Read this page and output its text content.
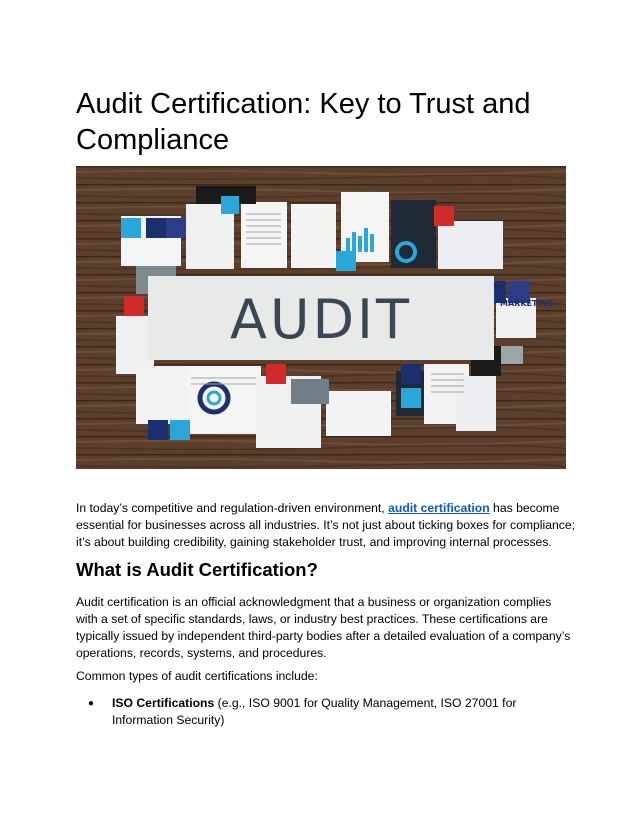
Audit Certification: Key to Trust and Compliance
AUDIT	MARKETING

In today’s competitive and regulation-driven environment, audit certification has become essential for businesses across all industries. It’s not just about ticking boxes for compliance; it’s about building credibility, gaining stakeholder trust, and improving internal processes.

What is Audit Certification?

Audit certification is an official acknowledgment that a business or organization complies with a set of specific standards, laws, or industry best practices. These certifications are typically issued by independent third-party bodies after a detailed evaluation of a company’s operations, records, systems, and procedures.

Common types of audit certifications include:

● ISO Certifications (e.g., ISO 9001 for Quality Management, ISO 27001 for Information Security)
